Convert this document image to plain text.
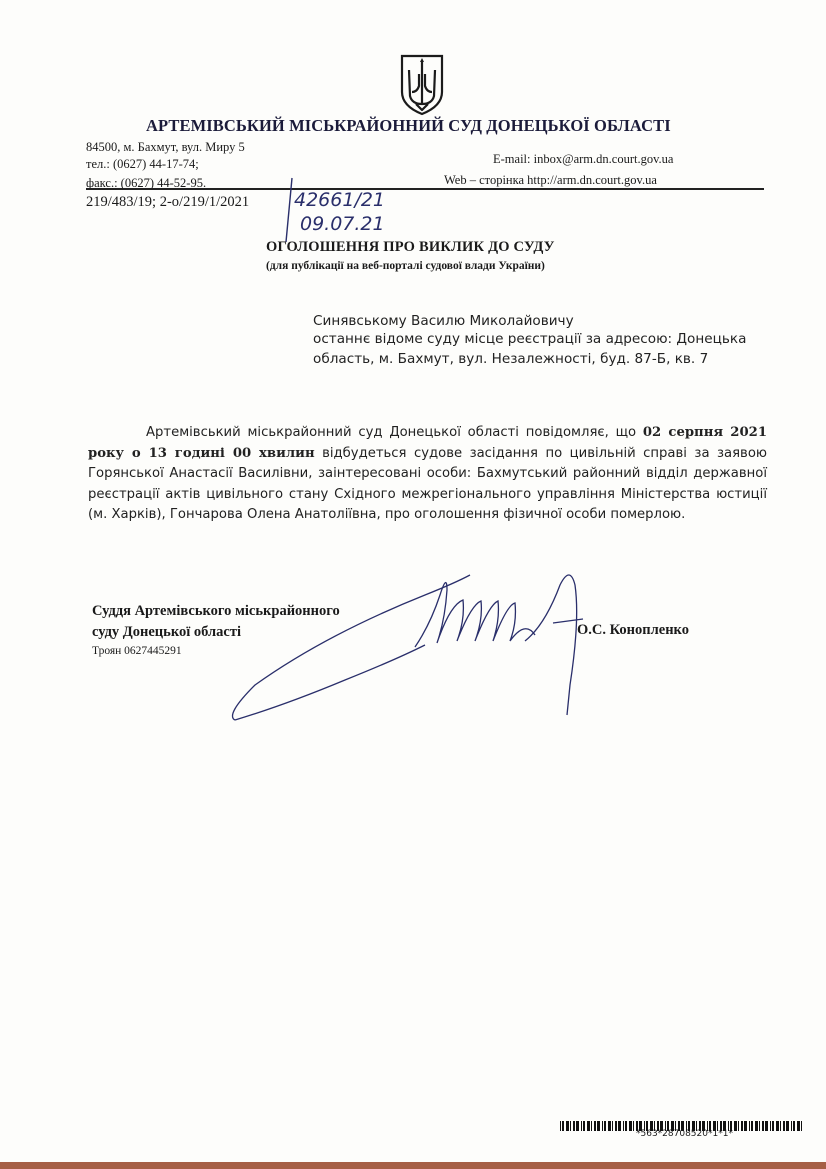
АРТЕМІВСЬКИЙ МІСЬКРАЙОННИЙ СУД ДОНЕЦЬКОЇ ОБЛАСТІ
84500, м. Бахмут, вул. Миру 5
тел.: (0627) 44-17-74;
факс.: (0627) 44-52-95.
E-mail: inbox@arm.dn.court.gov.ua
Web – сторінка http://arm.dn.court.gov.ua
219/483/19; 2-о/219/1/2021 42661/21
09.07.21
ОГОЛОШЕННЯ ПРО ВИКЛИК ДО СУДУ
(для публікації на веб-порталі судової влади України)
Синявському Василю Миколайовичу
останнє відоме суду місце реєстрації за адресою: Донецька
область, м. Бахмут, вул. Незалежності, буд. 87-Б, кв. 7
Артемівський міськрайонний суд Донецької області повідомляє, що 02 серпня 2021 року о 13 годині 00 хвилин відбудеться судове засідання по цивільній справі за заявою Горянської Анастасії Василівни, заінтересовані особи: Бахмутський районний відділ державної реєстрації актів цивільного стану Східного межрегіонального управління Міністерства юстиції (м. Харків), Гончарова Олена Анатоліївна, про оголошення фізичної особи померлою.
Суддя Артемівського міськрайонного
суду Донецької області	О.С. Конопленко
Троян 0627445291
*563*28708520*1*1*
